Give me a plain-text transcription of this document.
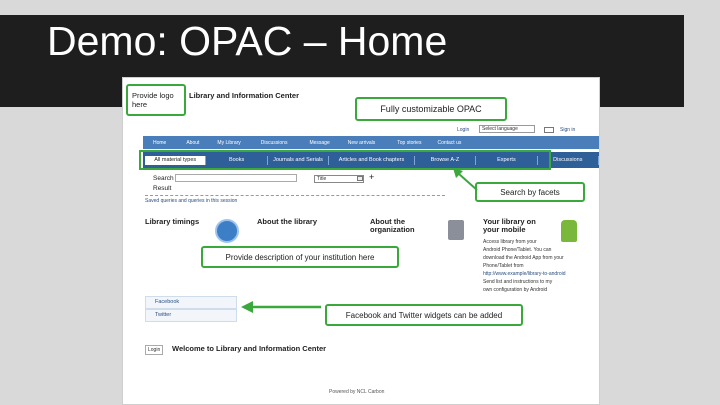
Demo: OPAC – Home
Provide logo here
Library and Information Center
Fully customizable OPAC
Login	Select language	Sign in
Home	About	My Library	Discussions	Message	New arrivals	Top stories	Contact us
All material types	Books	Journals and Serials	Articles and Book chapters	Browse A-Z	Experts	Discussions
Search
Result
Title	+
Saved queries and queries in this session
Search by facets
Library timings	About the library	About the organization
Your library on your mobile
Access library from your
Android Phone/Tablet. You can
download the Android App from your
Phone/Tablet from
http://www.example/library-to-android
Send list and instructions to my
own configuration by Android
Provide description of your institution here
Facebook
Twitter	Facebook and Twitter widgets can be added
Login	Welcome to Library and Information Center
Powered by NCL Carbon
